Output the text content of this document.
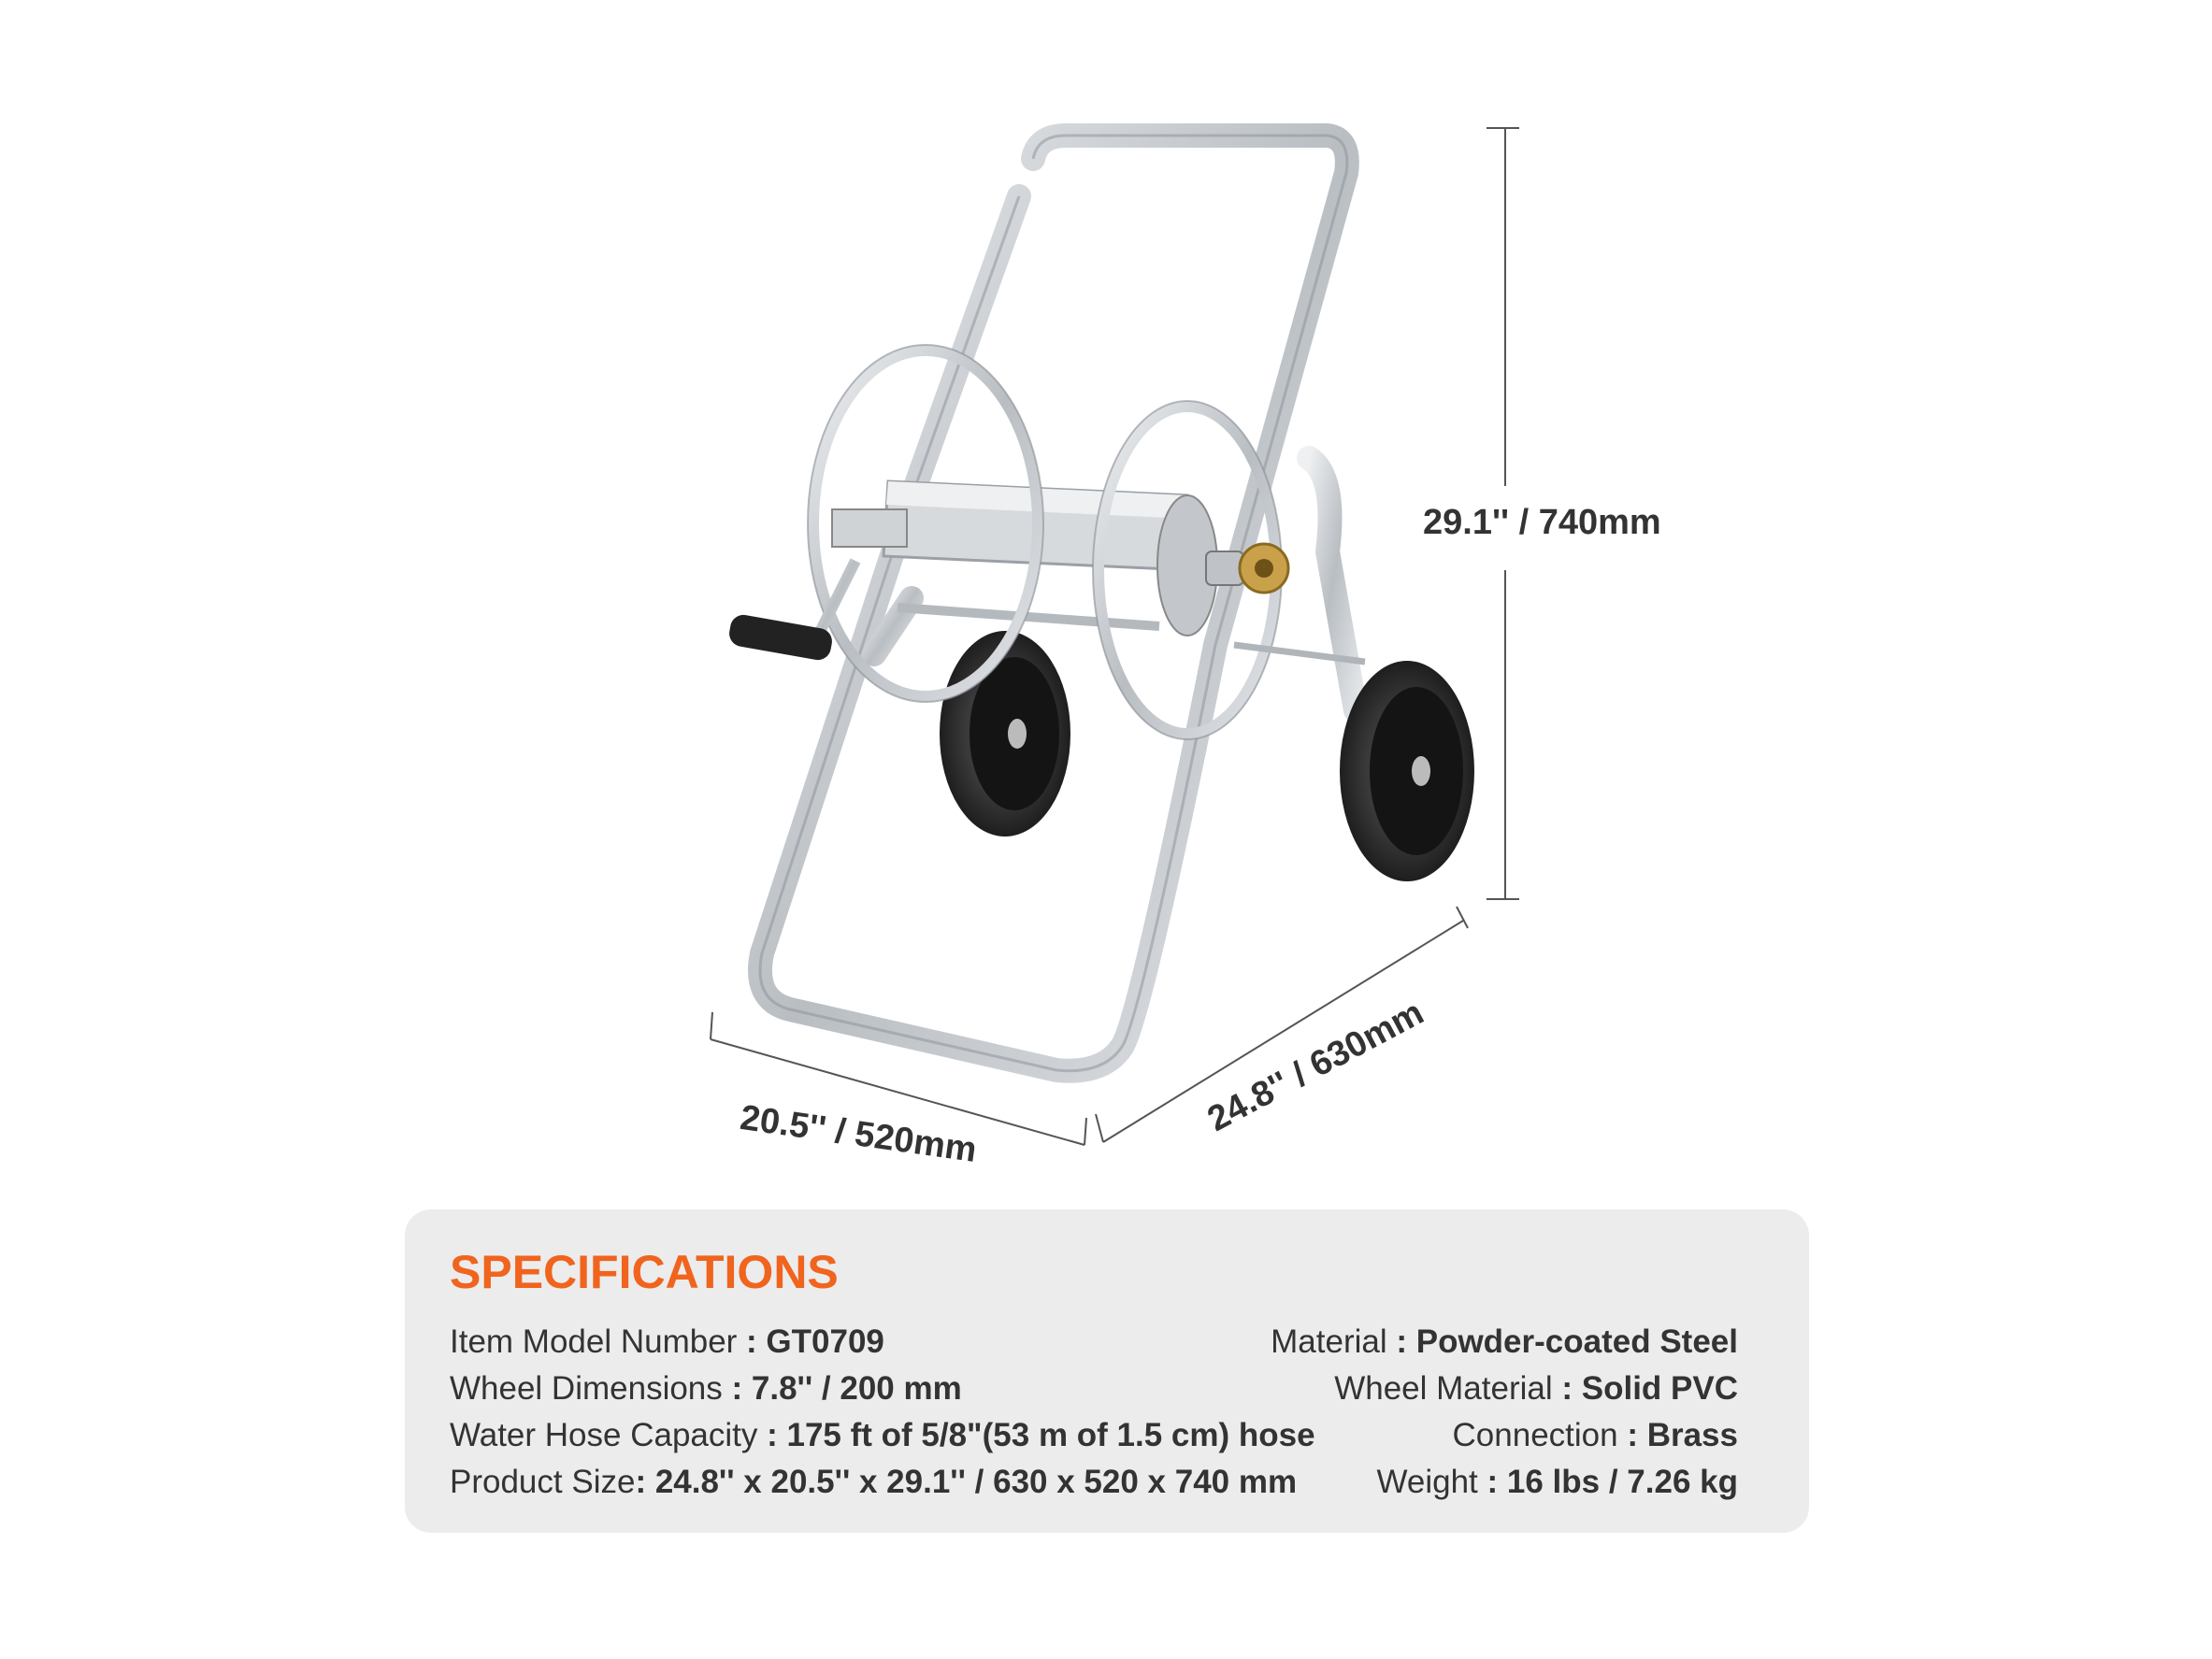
29.1'' / 740mm
20.5'' / 520mm	24.8'' / 630mm
SPECIFICATIONS
Item Model Number : GT0709
Wheel Dimensions : 7.8'' / 200 mm
Water Hose Capacity : 175 ft of 5/8"(53 m of 1.5 cm) hose
Product Size: 24.8'' x 20.5'' x 29.1'' / 630 x 520 x 740 mm
Material : Powder-coated Steel
Wheel Material : Solid PVC
Connection : Brass
Weight : 16 lbs / 7.26 kg
